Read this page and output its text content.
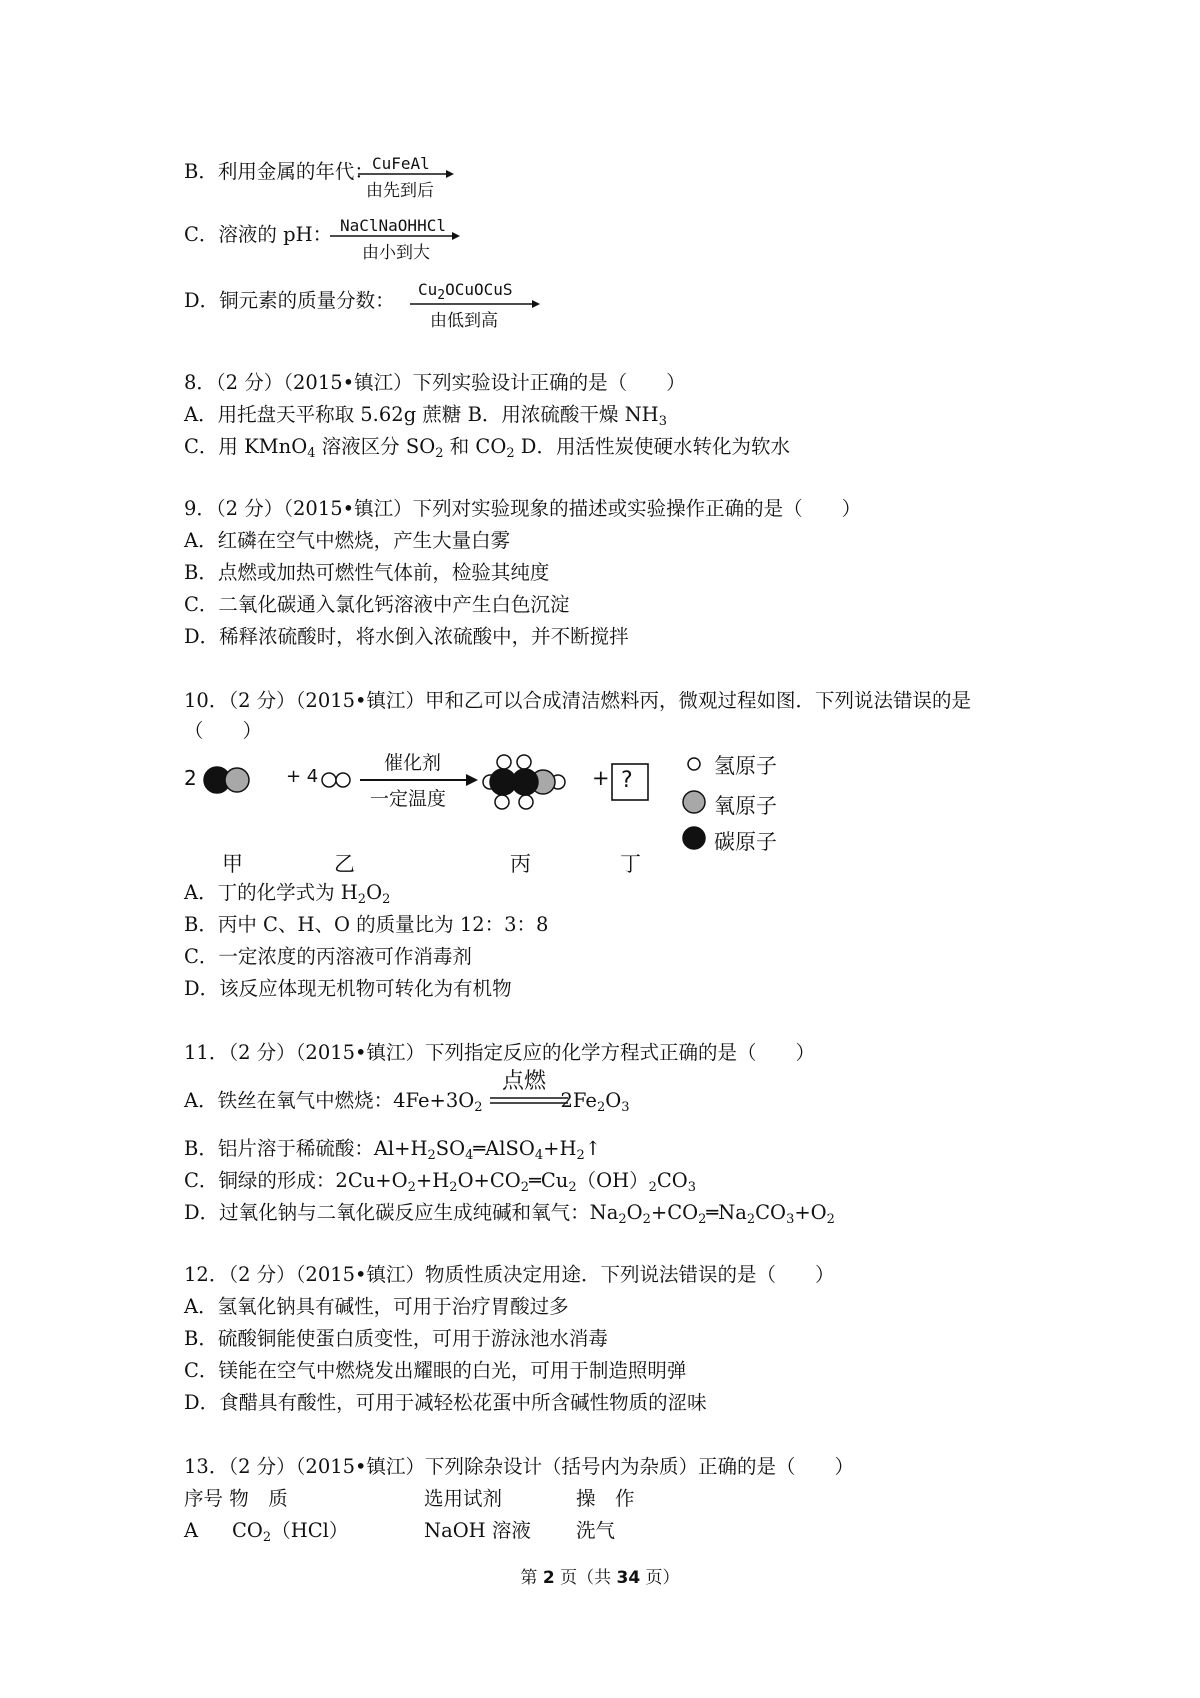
B．利用金属的年代：
CuFeAl
由先到后
C．溶液的 pH： NaClNaOHHCl
由小到大
D．铜元素的质量分数： $Cu_2OCuOCuS$
由低到高
8．（2 分）（2015•镇江）下列实验设计正确的是（　　）
A．用托盘天平称取 5.62g 蔗糖 B．用浓硫酸干燥 $NH_3$
C．用 KMnO$_4$ 溶液区分 $SO_2$ 和 $CO_2$ D．用活性炭使硬水转化为软水
9．（2 分）（2015•镇江）下列对实验现象的描述或实验操作正确的是（　　）
A．红磷在空气中燃烧，产生大量白雾
B．点燃或加热可燃性气体前，检验其纯度
C．二氧化碳通入氯化钙溶液中产生白色沉淀
D．稀释浓硫酸时，将水倒入浓硫酸中，并不断搅拌
10．（2 分）（2015•镇江）甲和乙可以合成清洁燃料丙，微观过程如图．下列说法错误的是
（　　）
2	+ 4
催化剂
一定温度
+ ?
氢原子
氧原子
碳原子
甲	乙	丙	丁
A．丁的化学式为 $H_2O_2$
B．丙中 C、H、O 的质量比为 12：3：8
C．一定浓度的丙溶液可作消毒剂
D．该反应体现无机物可转化为有机物
11．（2 分）（2015•镇江）下列指定反应的化学方程式正确的是（　　）
A．铁丝在氧气中燃烧：$4Fe+3O_2$	$2Fe_2O_3$
点燃
B．铝片溶于稀硫酸：$Al+H_2SO_4═AlSO_4+H_2↑$
C．铜绿的形成：$2Cu+O_2+H_2O+CO_2═Cu_2(OH)_2CO_3$
D．过氧化钠与二氧化碳反应生成纯碱和氧气：$Na_2O_2+CO_2═Na_2CO_3+O_2$
12．（2 分）（2015•镇江）物质性质决定用途．下列说法错误的是（　　）
A．氢氧化钠具有碱性，可用于治疗胃酸过多
B．硫酸铜能使蛋白质变性，可用于游泳池水消毒
C．镁能在空气中燃烧发出耀眼的白光，可用于制造照明弹
D．食醋具有酸性，可用于减轻松花蛋中所含碱性物质的涩味
13．（2 分）（2015•镇江）下列除杂设计（括号内为杂质）正确的是（　　）
序号 物　质	选用试剂	操　作
A $CO_2(HCl)$	NaOH 溶液 洗气
第 2 页（共 34 页）
